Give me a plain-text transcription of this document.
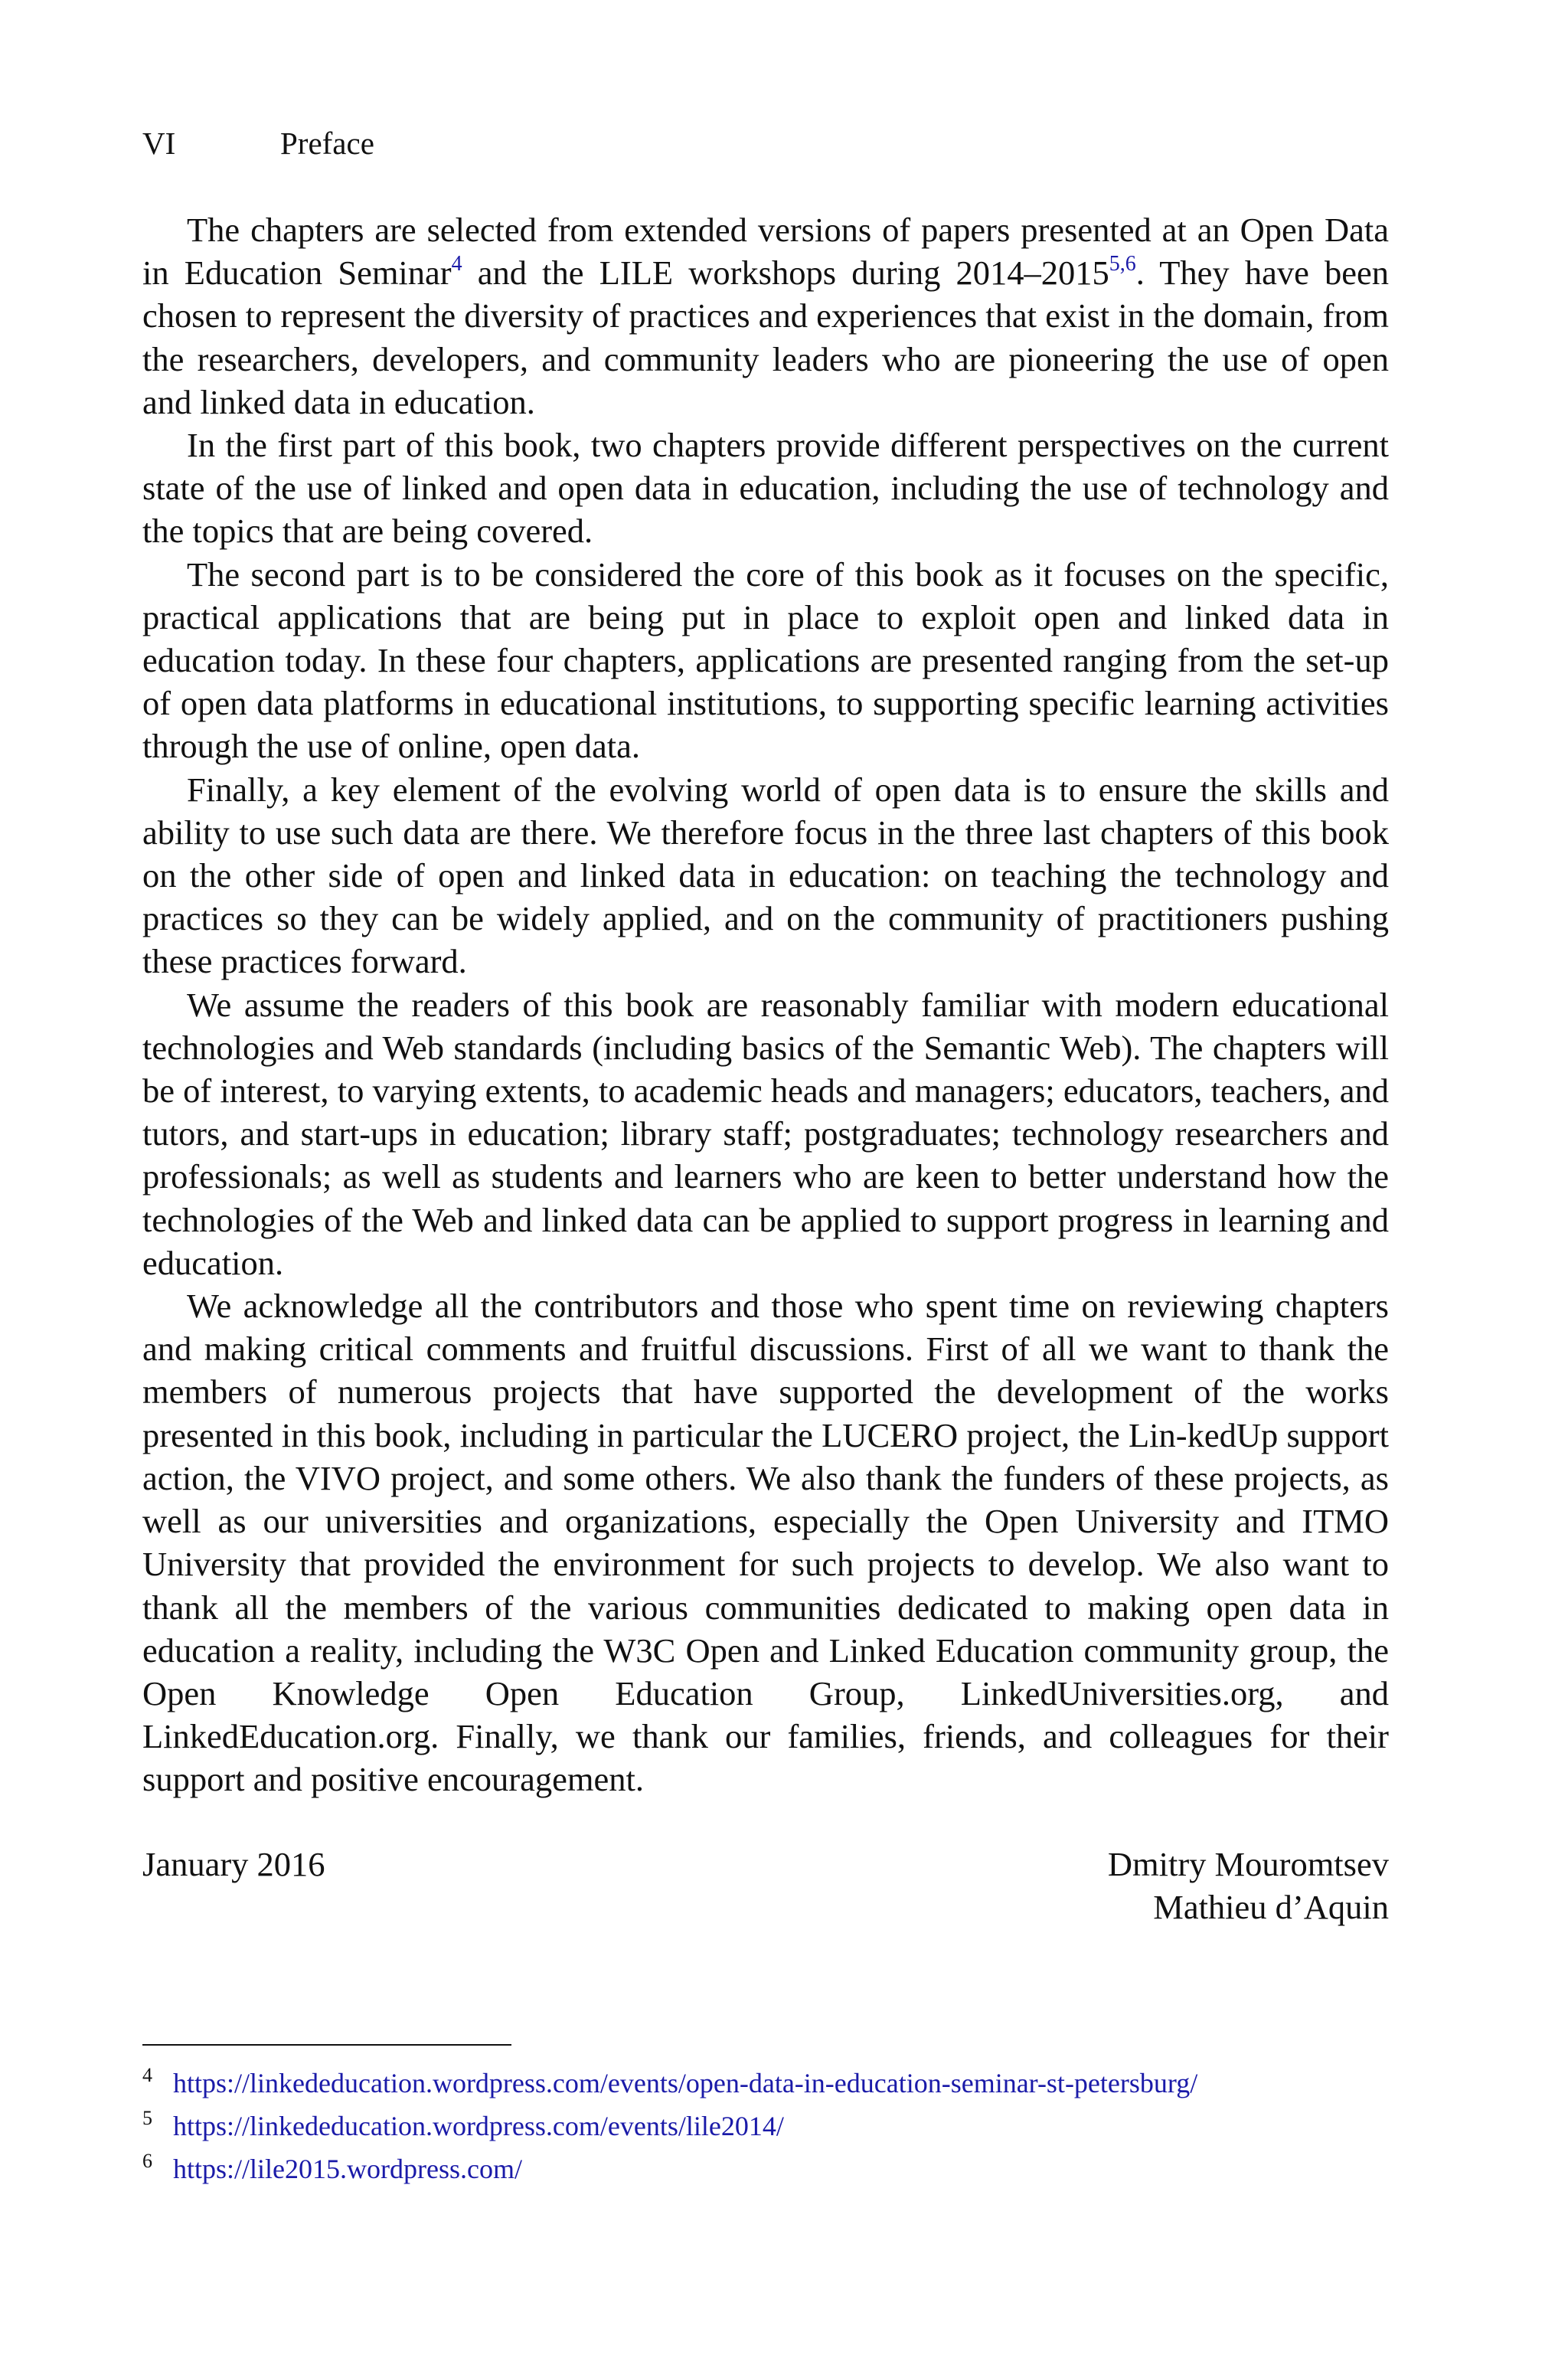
VI	Preface

The chapters are selected from extended versions of papers presented at an Open Data in Education Seminar$^4$ and the LILE workshops during 2014–2015$^{5,6}$. They have been chosen to represent the diversity of practices and experiences that exist in the domain, from the researchers, developers, and community leaders who are pioneering the use of open and linked data in education.

In the first part of this book, two chapters provide different perspectives on the current state of the use of linked and open data in education, including the use of technology and the topics that are being covered.

The second part is to be considered the core of this book as it focuses on the specific, practical applications that are being put in place to exploit open and linked data in education today. In these four chapters, applications are presented ranging from the set-up of open data platforms in educational institutions, to supporting specific learning activities through the use of online, open data.

Finally, a key element of the evolving world of open data is to ensure the skills and ability to use such data are there. We therefore focus in the three last chapters of this book on the other side of open and linked data in education: on teaching the technology and practices so they can be widely applied, and on the community of practitioners pushing these practices forward.

We assume the readers of this book are reasonably familiar with modern educational technologies and Web standards (including basics of the Semantic Web). The chapters will be of interest, to varying extents, to academic heads and managers; educators, teachers, and tutors, and start-ups in education; library staff; postgraduates; technology researchers and professionals; as well as students and learners who are keen to better understand how the technologies of the Web and linked data can be applied to support progress in learning and education.

We acknowledge all the contributors and those who spent time on reviewing chapters and making critical comments and fruitful discussions. First of all we want to thank the members of numerous projects that have supported the development of the works presented in this book, including in particular the LUCERO project, the Lin-kedUp support action, the VIVO project, and some others. We also thank the funders of these projects, as well as our universities and organizations, especially the Open University and ITMO University that provided the environment for such projects to develop. We also want to thank all the members of the various communities dedicated to making open data in education a reality, including the W3C Open and Linked Education community group, the Open Knowledge Open Education Group, LinkedUniversities.org, and LinkedEducation.org. Finally, we thank our families, friends, and colleagues for their support and positive encouragement.

January 2016	Dmitry Mouromtsev
Mathieu d’Aquin
4 https://linkededucation.wordpress.com/events/open-data-in-education-seminar-st-petersburg/
5 https://linkededucation.wordpress.com/events/lile2014/
6 https://lile2015.wordpress.com/
